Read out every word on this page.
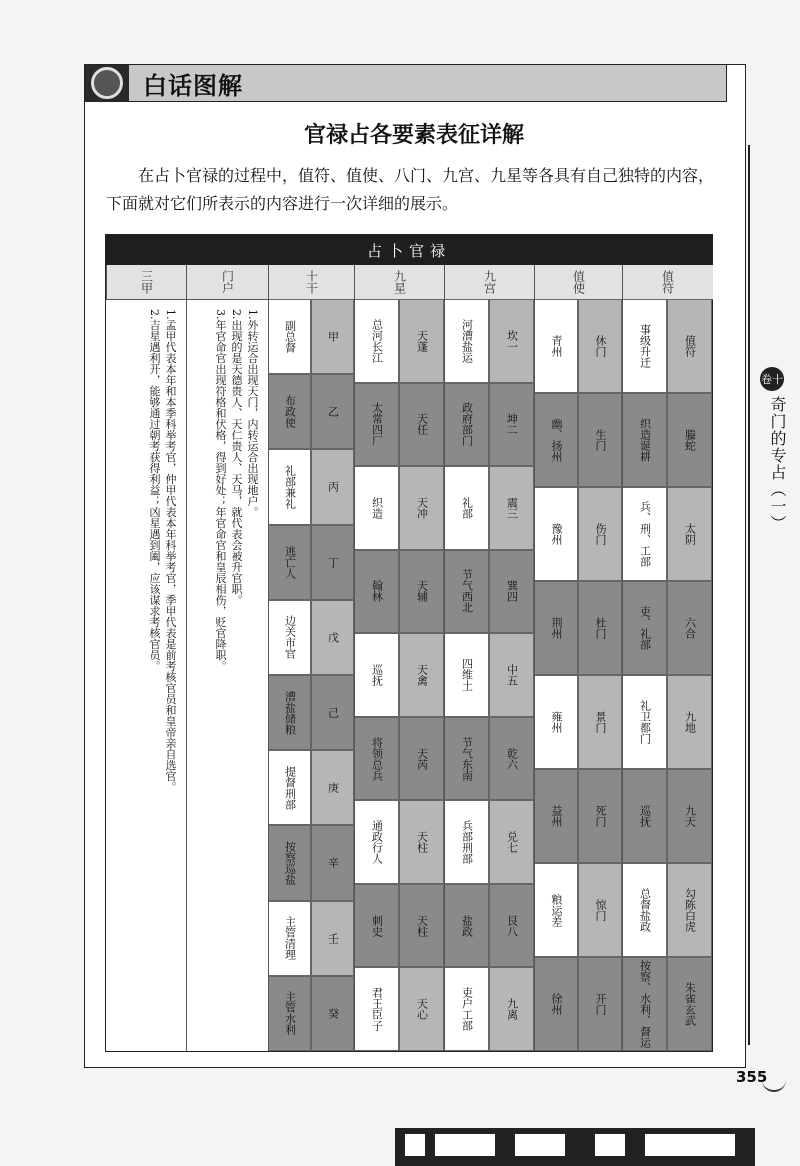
白话图解
官禄占各要素表征详解
在占卜官禄的过程中，值符、值使、八门、九宫、九星等各具有自己独特的内容，下面就对它们所表示的内容进行一次详细的展示。
卷十
奇门的专占（一）
占卜官禄
值符
值符
事级升迁
螣蛇
织造诞耕
太阴
兵、刑、工部
六合
吏、礼部
九地
礼卫都门
九天
巡抚
勾陈白虎
总督盐政
朱雀玄武
按察、水利、督运
值使
休门
青州
生门
幽、扬州
伤门
豫州
杜门
荆州
景门
雍州
死门
益州
惊门
粮运差
开门
徐州
九宫
坎一
河漕盐运
坤二
政府部门
震三
礼部
巽四
节气西北
中五
四维土
乾六
节气东南
兑七
兵部刑部
艮八
盐政
九离
吏户工部
九星
天蓬
总河长江
天任
太常四厂
天冲
织造
天辅
翰林
天禽
巡抚
天芮
将领总兵
天柱
通政行人
天柱
刺史
天心
君王臣子
十干
甲
副总督
乙
布政使
丙
礼部兼礼
丁
逃亡人
戊
边关市官
己
漕盐储粮
庚
提督刑部
辛
按察巡盐
壬
主管清理
癸
主管水利
门户
1.外转运合出现天门，内转运合出现地户。
2.出现的是天德贵人、天仁贵人、天马，就代表会被升官职。
3.年官命官出现符格和伏格，得到好处；年官命官和皇辰相伤，贬官降职。
三甲
1.孟甲代表本年和本季科举考官，仲甲代表本年科举考官，季甲代表是前考核官员和皇帝亲自选官。
2.吉星遇利开，能够通过朝考获得利益；凶星遇到阖，应该谋求考核官员。
355
